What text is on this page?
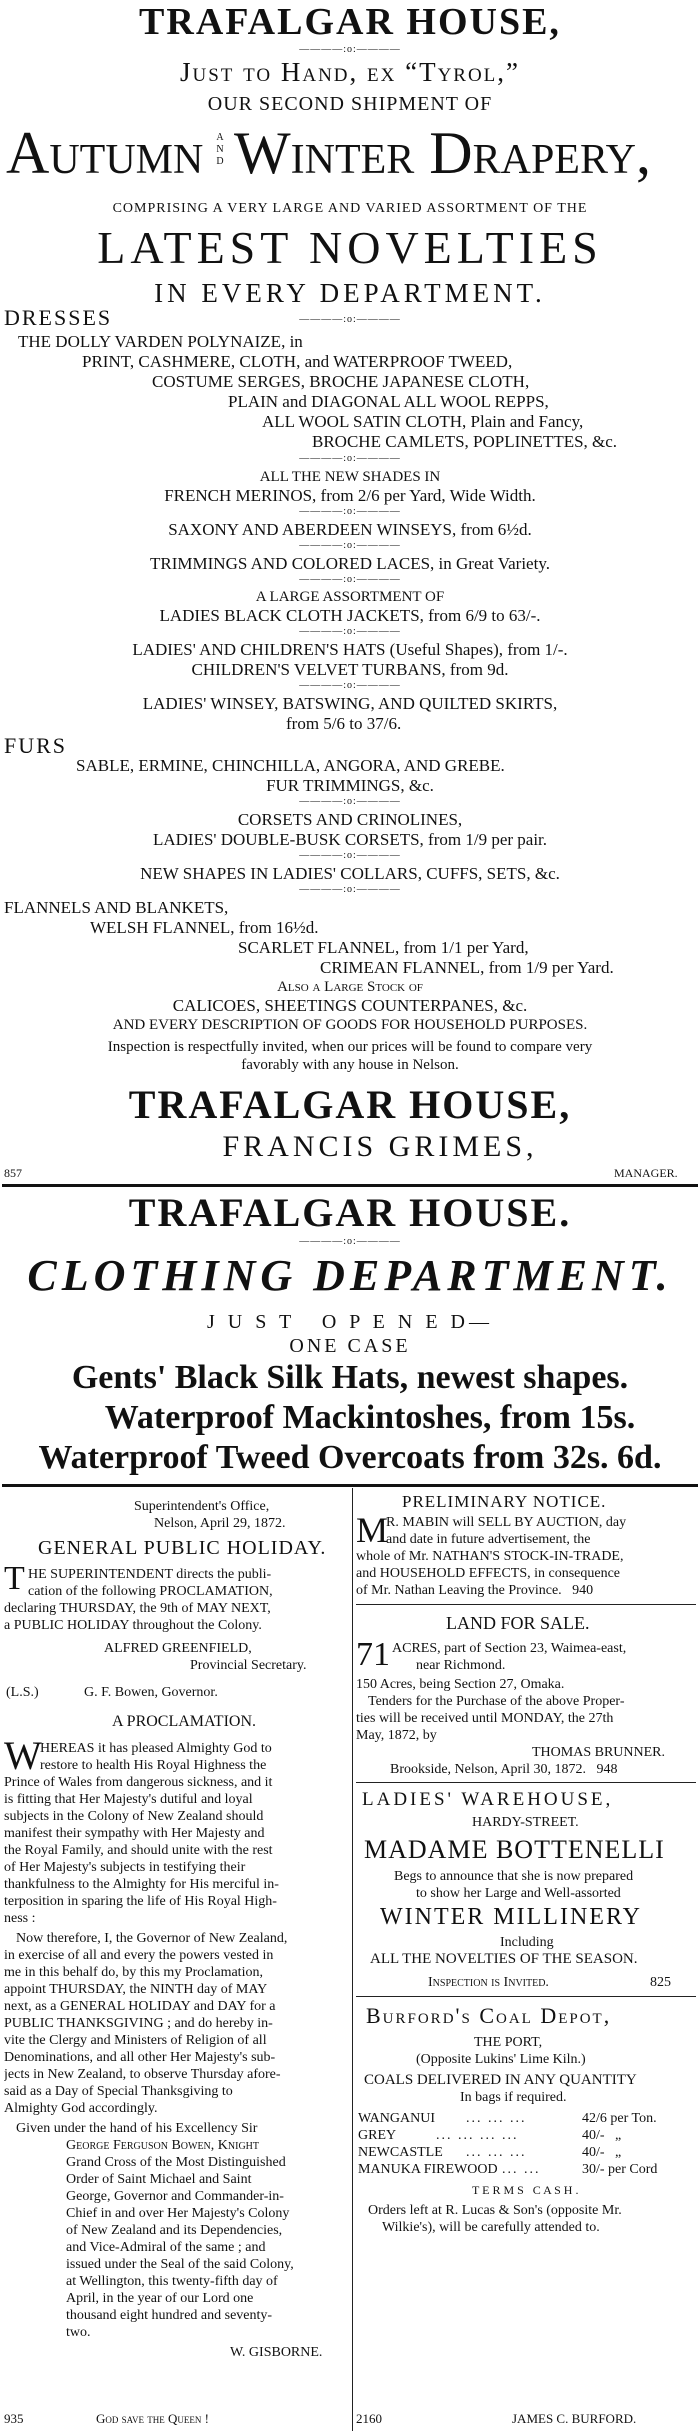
TRAFALGAR HOUSE,
————:o:————
Just to Hand, ex “Tyrol,”
OUR SECOND SHIPMENT OF
Autumn AND Winter Drapery,
COMPRISING A VERY LARGE AND VARIED ASSORTMENT OF THE
LATEST NOVELTIES
IN EVERY DEPARTMENT.
DRESSES	————:o:————
THE DOLLY VARDEN POLYNAIZE, in
PRINT, CASHMERE, CLOTH, and WATERPROOF TWEED,
COSTUME SERGES, BROCHE JAPANESE CLOTH,
PLAIN and DIAGONAL ALL WOOL REPPS,
ALL WOOL SATIN CLOTH, Plain and Fancy,
BROCHE CAMLETS, POPLINETTES, &c.
————:o:————
ALL THE NEW SHADES IN
FRENCH MERINOS, from 2/6 per Yard, Wide Width.
————:o:————
SAXONY AND ABERDEEN WINSEYS, from 6½d.
————:o:————
TRIMMINGS AND COLORED LACES, in Great Variety.
————:o:————
A LARGE ASSORTMENT OF
LADIES BLACK CLOTH JACKETS, from 6/9 to 63/-.
————:o:————
LADIES' AND CHILDREN'S HATS (Useful Shapes), from 1/-.
CHILDREN'S VELVET TURBANS, from 9d.
————:o:————
LADIES' WINSEY, BATSWING, AND QUILTED SKIRTS,
from 5/6 to 37/6.
FURS
SABLE, ERMINE, CHINCHILLA, ANGORA, AND GREBE.
FUR TRIMMINGS, &c.
————:o:————
CORSETS AND CRINOLINES,
LADIES' DOUBLE-BUSK CORSETS, from 1/9 per pair.
————:o:————
NEW SHAPES IN LADIES' COLLARS, CUFFS, SETS, &c.
————:o:————
FLANNELS AND BLANKETS,
WELSH FLANNEL, from 16½d.
SCARLET FLANNEL, from 1/1 per Yard,
CRIMEAN FLANNEL, from 1/9 per Yard.
Also a Large Stock of
CALICOES, SHEETINGS COUNTERPANES, &c.
AND EVERY DESCRIPTION OF GOODS FOR HOUSEHOLD PURPOSES.
Inspection is respectfully invited, when our prices will be found to compare very
favorably with any house in Nelson.
TRAFALGAR HOUSE,
FRANCIS GRIMES,
857	MANAGER.
TRAFALGAR HOUSE.
————:o:————
CLOTHING DEPARTMENT.
J U S T   O P E N E D—
ONE CASE
Gents' Black Silk Hats, newest shapes.
Waterproof Mackintoshes, from 15s.
Waterproof Tweed Overcoats from 32s. 6d.
Superintendent's Office,
Nelson, April 29, 1872.
GENERAL PUBLIC HOLIDAY.
T HE SUPERINTENDENT directs the publi-
cation of the following PROCLAMATION,
declaring THURSDAY, the 9th of MAY NEXT,
a PUBLIC HOLIDAY throughout the Colony.
ALFRED GREENFIELD,
Provincial Secretary.
(L.S.)	G. F. Bowen, Governor.
A PROCLAMATION.
W
HEREAS it has pleased Almighty God to
restore to health His Royal Highness the
Prince of Wales from dangerous sickness, and it
is fitting that Her Majesty's dutiful and loyal
subjects in the Colony of New Zealand should
manifest their sympathy with Her Majesty and
the Royal Family, and should unite with the rest
of Her Majesty's subjects in testifying their
thankfulness to the Almighty for His merciful in-
terposition in sparing the life of His Royal High-
ness :
Now therefore, I, the Governor of New Zealand,
in exercise of all and every the powers vested in
me in this behalf do, by this my Proclamation,
appoint THURSDAY, the NINTH day of MAY
next, as a GENERAL HOLIDAY and DAY for a
PUBLIC THANKSGIVING ; and do hereby in-
vite the Clergy and Ministers of Religion of all
Denominations, and all other Her Majesty's sub-
jects in New Zealand, to observe Thursday afore-
said as a Day of Special Thanksgiving to
Almighty God accordingly.
Given under the hand of his Excellency Sir
George Ferguson Bowen, Knight
Grand Cross of the Most Distinguished
Order of Saint Michael and Saint
George, Governor and Commander-in-
Chief in and over Her Majesty's Colony
of New Zealand and its Dependencies,
and Vice-Admiral of the same ; and
issued under the Seal of the said Colony,
at Wellington, this twenty-fifth day of
April, in the year of our Lord one
thousand eight hundred and seventy-
two.
W. GISBORNE.
935	God save the Queen !
PRELIMINARY NOTICE.
M
R. MABIN will SELL BY AUCTION, day
and date in future advertisement, the
whole of Mr. NATHAN'S STOCK-IN-TRADE,
and HOUSEHOLD EFFECTS, in consequence
of Mr. Nathan Leaving the Province.   940
LAND FOR SALE.
71 ACRES, part of Section 23, Waimea-east,
near Richmond.
150 Acres, being Section 27, Omaka.
Tenders for the Purchase of the above Proper-
ties will be received until MONDAY, the 27th
May, 1872, by
THOMAS BRUNNER.
Brookside, Nelson, April 30, 1872.   948
LADIES' WAREHOUSE,
HARDY-STREET.
MADAME BOTTENELLI
Begs to announce that she is now prepared
to show her Large and Well-assorted
WINTER MILLINERY
Including
ALL THE NOVELTIES OF THE SEASON.
Inspection is Invited.	825
Burford's Coal Depot,
THE PORT,
(Opposite Lukins' Lime Kiln.)
COALS DELIVERED IN ANY QUANTITY
In bags if required.
WANGANUI ... ... ...	42/6 per Ton.
GREY	... ... ... ...	40/-   „
NEWCASTLE ... ... ...	40/-   „
MANUKA FIREWOOD ... ...	30/- per Cord
T E R M S   C A S H .
Orders left at R. Lucas & Son's (opposite Mr.
Wilkie's), will be carefully attended to.
2160	JAMES C. BURFORD.
